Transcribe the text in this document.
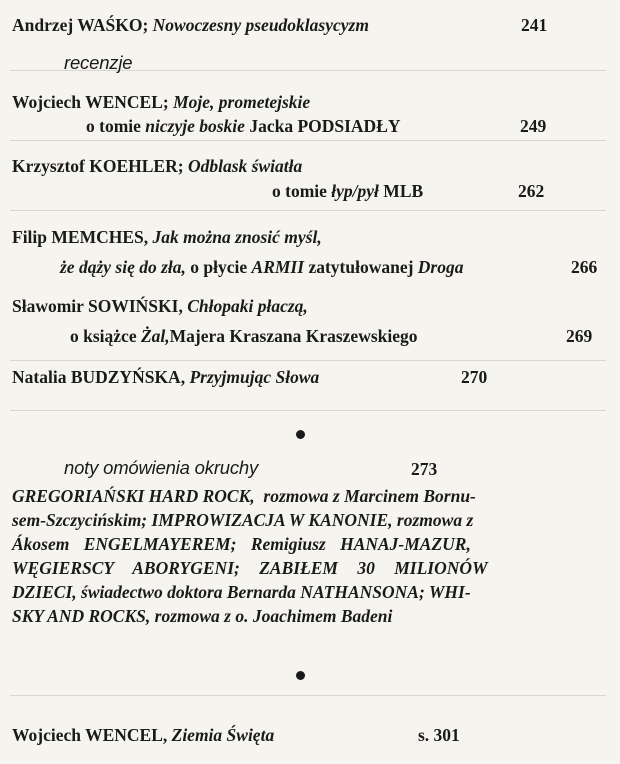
Andrzej WAŚKO; Nowoczesny pseudoklasycyzm	241
recenzje
Wojciech WENCEL; Moje, prometejskie
o tomie niczyje boskie Jacka PODSIADŁY	249
Krzysztof KOEHLER; Odblask światła
o tomie łyp/pył MLB	262
Filip MEMCHES, Jak można znosić myśl,
że dąży się do zła, o płycie ARMII zatytułowanej Droga	266
Sławomir SOWIŃSKI, Chłopaki płaczą,
o książce Żal,Majera Kraszana Kraszewskiego	269
Natalia BUDZYŃSKA, Przyjmując Słowa	270
noty omówienia okruchy	273
GREGORIAŃSKI HARD ROCK, rozmowa z Marcinem Bornu-
sem-Szczycińskim; IMPROWIZACJA W KANONIE, rozmowa z
Ákosem ENGELMAYEREM; Remigiusz HANAJ-MAZUR,
WĘGIERSCY ABORYGENI; ZABIŁEM 30 MILIONÓW
DZIECI, świadectwo doktora Bernarda NATHANSONA; WHI-
SKY AND ROCKS, rozmowa z o. Joachimem Badeni
Wojciech WENCEL, Ziemia Święta	s. 301
